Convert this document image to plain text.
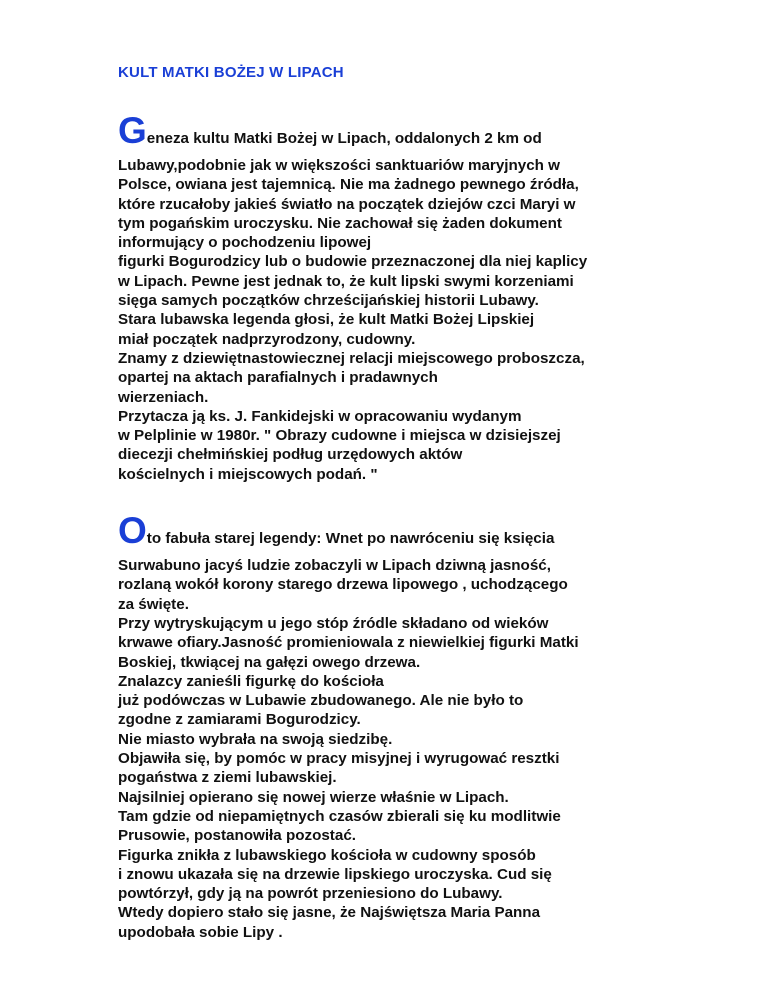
KULT MATKI BOŻEJ W LIPACH
Geneza kultu Matki Bożej w Lipach, oddalonych 2 km od
Lubawy,podobnie jak w większości sanktuariów maryjnych w
Polsce, owiana jest tajemnicą. Nie ma żadnego pewnego źródła,
które rzucałoby jakieś światło na początek dziejów czci Maryi w
tym pogańskim uroczysku. Nie zachował się żaden dokument
informujący o pochodzeniu lipowej
figurki Bogurodzicy lub o budowie przeznaczonej dla niej kaplicy
w Lipach. Pewne jest jednak to, że kult lipski swymi korzeniami
sięga samych początków chrześcijańskiej historii Lubawy.
Stara lubawska legenda głosi, że kult Matki Bożej Lipskiej
miał początek nadprzyrodzony, cudowny.
Znamy z dziewiętnastowiecznej relacji miejscowego proboszcza,
opartej na aktach parafialnych i pradawnych
wierzeniach.
Przytacza ją ks. J. Fankidejski w opracowaniu wydanym
w Pelplinie w 1980r. " Obrazy cudowne i miejsca w dzisiejszej
diecezji chełmińskiej podług urzędowych aktów
kościelnych i miejscowych podań. "
Oto fabuła starej legendy: Wnet po nawróceniu się księcia
Surwabuno jacyś ludzie zobaczyli w Lipach dziwną jasność,
rozlaną wokół korony starego drzewa lipowego , uchodzącego
za święte.
Przy wytryskującym u jego stóp źródle składano od wieków
krwawe ofiary.Jasność promieniowala z niewielkiej figurki Matki
Boskiej, tkwiącej na gałęzi owego drzewa.
Znalazcy zanieśli figurkę do kościoła
już podówczas w Lubawie zbudowanego. Ale nie było to
zgodne z zamiarami Bogurodzicy.
Nie miasto wybrała na swoją siedzibę.
Objawiła się, by pomóc w pracy misyjnej i wyrugować resztki
pogaństwa z ziemi lubawskiej.
Najsilniej opierano się nowej wierze właśnie w Lipach.
Tam gdzie od niepamiętnych czasów zbierali się ku modlitwie
Prusowie, postanowiła pozostać.
Figurka znikła z lubawskiego kościoła w cudowny sposób
i znowu ukazała się na drzewie lipskiego uroczyska. Cud się
powtórzył, gdy ją na powrót przeniesiono do Lubawy.
Wtedy dopiero stało się jasne, że Najświętsza Maria Panna
upodobała sobie Lipy .
